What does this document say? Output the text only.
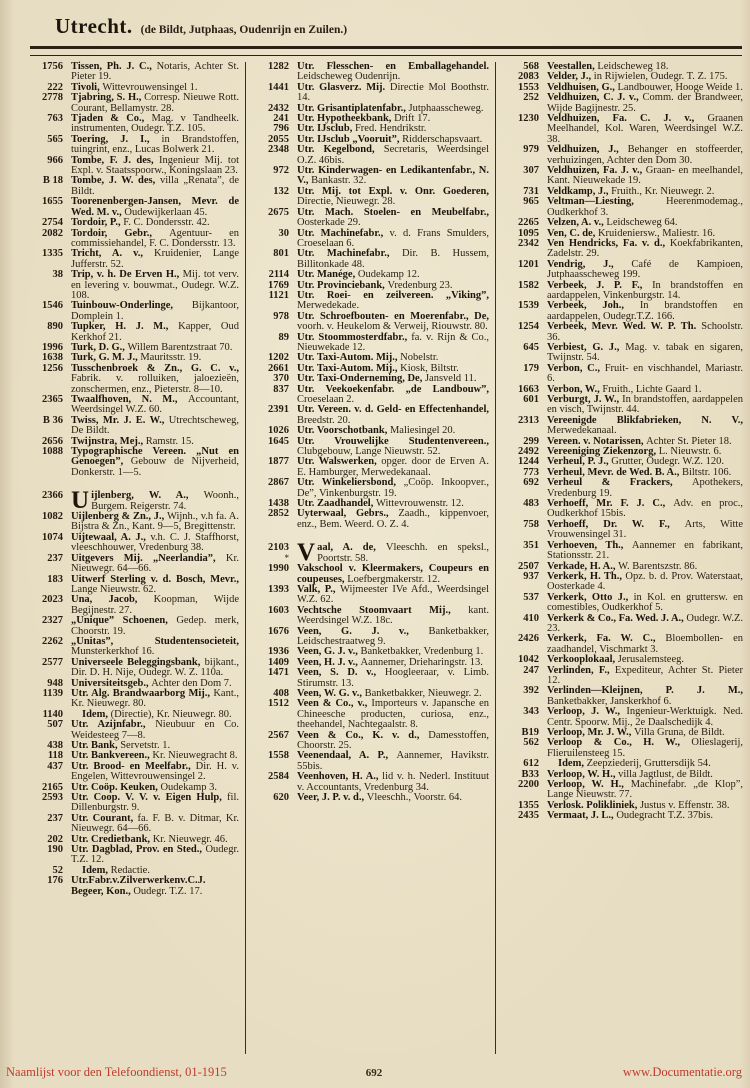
Utrecht. (de Bildt, Jutphaas, Oudenrijn en Zuilen.)
1756 Tissen, Ph. J. C., Notaris, Achter St. Pieter 19.
222 Tivoli, Wittevrouwensingel 1.
2778 Tjabring, S. H., Corresp. Nieuwe Rott. Courant, Bellamystr. 28.
763 Tjaden & Co., Mag. v Tandheelk. instrumenten, Oudegr. T.Z. 105.
565 Toering, J. I., in Brandstoffen, tuingrint, enz., Lucas Bolwerk 21.
966 Tombe, F. J. des, Ingenieur Mij. tot Expl. v. Staatsspoorw., Koningslaan 23.
B 18 Tombe, J. W. des, villa „Renata”, de Bildt.
1655 Toorenenbergen-Jansen, Mevr. de Wed. M. v., Oudewijkerlaan 45.
2754 Tordoir, P., F. C. Dondersstr. 42.
2082 Tordoir, Gebr., Agentuur- en commissiehandel, F. C. Dondersstr. 13.
1335 Tricht, A. v., Kruidenier, Lange Jufferstr. 52.
38 Trip, v. h. De Erven H., Mij. tot verv. en levering v. bouwmat., Oudegr. W.Z. 108.
1546 Tuinbouw-Onderlinge, Bijkantoor, Domplein 1.
890 Tupker, H. J. M., Kapper, Oud Kerkhof 21.
1996 Turk, D. G., Willem Barentzstraat 70.
1638 Turk, G. M. J., Mauritsstr. 19.
1256 Tusschenbroek & Zn., G. C. v., Fabrik. v. rolluiken, jaloezieën, zonschermen, enz., Pieterstr. 8—10.
2365 Twaalfhoven, N. M., Accountant, Weerdsingel W.Z. 60.
B 36 Twiss, Mr. J. E. W., Utrechtscheweg, De Bildt.
2656 Twijnstra, Mej., Ramstr. 15.
1088 Typographische Vereen. „Nut en Genoegen”, Gebouw de Nijverheid, Donkerstr. 1—5.
2366 Uijlenberg, W. A., Woonh., Burgem. Reigerstr. 74.
1082 Uijlenberg & Zn., J., Wijnh., v.h fa. A. Bijstra & Zn., Kant. 9—5, Bregittenstr.
1074 Uijtewaal, A. J., v.h. C. J. Staffhorst, vleeschhouwer, Vredenburg 38.
237 Uitgevers Mij. „Neerlandia”, Kr. Nieuwegr. 64—66.
183 Uitwerf Sterling v. d. Bosch, Mevr., Lange Nieuwstr. 62.
2023 Una, Jacob, Koopman, Wijde Begijnestr. 27.
2327 „Unique” Schoenen, Gedep. merk, Choorstr. 19.
2262 „Unitas”, Studentensocieteit, Munsterkerkhof 16.
2577 Universeele Beleggingsbank, bijkant., Dir. D. H. Nije, Oudegr. W. Z. 110a.
948 Universiteitsgeb., Achter den Dom 7.
1139 Utr. Alg. Brandwaarborg Mij., Kant., Kr. Nieuwegr. 80.
1140	Idem, (Directie), Kr. Nieuwegr. 80.
507 Utr. Azijnfabr., Nieubuur en Co. Weidesteeg 7—8.
438 Utr. Bank, Servetstr. 1.
118 Utr. Bankvereen., Kr. Nieuwegracht 8.
437 Utr. Brood- en Meelfabr., Dir. H. v. Engelen, Wittevrouwensingel 2.
2165 Utr. Coöp. Keuken, Oudekamp 3.
2593 Utr. Coop. V. V. v. Eigen Hulp, fil. Dillenburgstr. 9.
237 Utr. Courant, fa. F. B. v. Ditmar, Kr. Nieuwegr. 64—66.
202 Utr. Credietbank, Kr. Nieuwegr. 46.
190 Utr. Dagblad, Prov. en Sted., Oudegr. T.Z. 12.
52	Idem, Redactie.
176 Utr.Fabr.v.Zilverwerkenv.C.J. Begeer, Kon., Oudegr. T.Z. 17.
1282 Utr. Flesschen- en Emballagehandel. Leidscheweg Oudenrijn.
1441 Utr. Glasverz. Mij. Directie Mol Boothstr. 14.
2432 Utr. Grisantiplatenfabr., Jutphaasscheweg.
241 Utr. Hypotheekbank, Drift 17.
796 Utr. IJsclub, Fred. Hendrikstr.
2055 Utr. IJsclub „Vooruit”, Ridderschapsvaart.
2348 Utr. Kegelbond, Secretaris, Weerdsingel O.Z. 46bis.
972 Utr. Kinderwagen- en Ledikantenfabr., N. V., Bankastr. 32.
132 Utr. Mij. tot Expl. v. Onr. Goederen, Directie, Nieuwegr. 28.
2675 Utr. Mach. Stoelen- en Meubelfabr., Oosterkade 29.
30 Utr. Machinefabr., v. d. Frans Smulders, Croeselaan 6.
801 Utr. Machinefabr., Dir. B. Hussem, Billitonkade 48.
2114 Utr. Manége, Oudekamp 12.
1769 Utr. Provinciebank, Vredenburg 23.
1121 Utr. Roei- en zeilvereen. „Viking”, Merwedekade.
978 Utr. Schroefbouten- en Moerenfabr., De, voorh. v. Heukelom & Verweij, Riouwstr. 80.
89 Utr. Stoommosterdfabr., fa. v. Rijn & Co., Nieuwekade 12.
1202 Utr. Taxi-Autom. Mij., Nobelstr.
2661 Utr. Taxi-Autom. Mij., Kiosk, Biltstr.
370 Utr. Taxi-Onderneming, De, Jansveld 11.
837 Utr. Veekoekenfabr. „de Landbouw”, Croeselaan 2.
2391 Utr. Vereen. v. d. Geld- en Effectenhandel, Breedstr. 20.
1026 Utr. Voorschotbank, Maliesingel 20.
1645 Utr. Vrouwelijke Studentenvereen., Clubgebouw, Lange Nieuwstr. 52.
1877 Utr. Walswerken, opger. door de Erven A. E. Hamburger, Merwedekanaal.
2867 Utr. Winkeliersbond, „Coöp. Inkoopver., De”, Vinkenburgstr. 19.
1438 Utr. Zaadhandel, Wittevrouwenstr. 12.
2852 Uyterwaal, Gebrs., Zaadh., kippenvoer, enz., Bem. Weerd. O. Z. 4.
2103
* Vaal, A. de, Vleeschh. en speksl., Poortstr. 58.
1990 Vakschool v. Kleermakers, Coupeurs en coupeuses, Loefbergmakerstr. 12.
1393 Valk, P., Wijmeester IVe Afd., Weerdsingel W.Z. 62.
1603 Vechtsche Stoomvaart Mij., kant. Weerdsingel W.Z. 18c.
1676 Veen, G. J. v., Banketbakker, Leidschestraatweg 9.
1936 Veen, G. J. v., Banketbakker, Vredenburg 1.
1409 Veen, H. J. v., Aannemer, Drieharingstr. 13.
1471 Veen, S. D. v., Hoogleeraar, v. Limb. Stirumstr. 13.
408 Veen, W. G. v., Banketbakker, Nieuwegr. 2.
1512 Veen & Co., v., Importeurs v. Japansche en Chineesche producten, curiosa, enz., theehandel, Nachtegaalstr. 8.
2567 Veen & Co., K. v. d., Damesstoffen, Choorstr. 25.
1558 Veenendaal, A. P., Aannemer, Havikstr. 55bis.
2584 Veenhoven, H. A., lid v. h. Nederl. Instituut v. Accountants, Vredenburg 34.
620 Veer, J. P. v. d., Vleeschh., Voorstr. 64.
568 Veestallen, Leidscheweg 18.
2083 Velder, J., in Rijwielen, Oudegr. T. Z. 175.
1553 Veldhuisen, G., Landbouwer, Hooge Weide 1.
252 Veldhuizen, C. J. v., Comm. der Brandweer, Wijde Bagijnestr. 25.
1230 Veldhuizen, Fa. C. J. v., Graanen Meelhandel, Kol. Waren, Weerdsingel W.Z. 38.
979 Veldhuizen, J., Behanger en stoffeerder, verhuizingen, Achter den Dom 30.
307 Veldhuizen, Fa. J. v., Graan- en meelhandel, Kant. Nieuwekade 19.
731 Veldkamp, J., Fruith., Kr. Nieuwegr. 2.
965 Veltman—Liesting, Heerenmodemag., Oudkerkhof 3.
2265 Velzen, A. v., Leidscheweg 64.
1095 Ven, C. de, Kruideniersw., Maliestr. 16.
2342 Ven Hendricks, Fa. v. d., Koekfabrikanten, Zadelstr. 29.
1201 Vendrig, J., Café de Kampioen, Jutphaasscheweg 199.
1582 Verbeek, J. P. F., In brandstoffen en aardappelen, Vinkenburgstr. 14.
1539 Verbeek, Joh., In brandstoffen en aardappelen, Oudegr.T.Z. 166.
1254 Verbeek, Mevr. Wed. W. P. Th. Schoolstr. 36.
645 Verbiest, G. J., Mag. v. tabak en sigaren, Twijnstr. 54.
179 Verbon, C., Fruit- en vischhandel, Mariastr. 6.
1663 Verbon, W., Fruith., Lichte Gaard 1.
601 Verburgt, J. W., In brandstoffen, aardappelen en visch, Twijnstr. 44.
2313 Vereenigde Blikfabrieken, N. V., Merwedekanaal.
299 Vereen. v. Notarissen, Achter St. Pieter 18.
2492 Vereeniging Ziekenzorg, L. Nieuwstr. 6.
1244 Verheul, P. J., Grutter, Oudegr. W.Z. 120.
773 Verheul, Mevr. de Wed. B. A., Biltstr. 106.
692 Verheul & Frackers, Apothekers, Vredenburg 19.
483 Verhoeff, Mr. F. J. C., Adv. en proc., Oudkerkhof 15bis.
758 Verhoeff, Dr. W. F., Arts, Witte Vrouwensingel 31.
351 Verhoeven, Th., Aannemer en fabrikant, Stationsstr. 21.
2507 Verkade, H. A., W. Barentszstr. 86.
937 Verkerk, H. Th., Opz. b. d. Prov. Waterstaat, Oosterkade 4.
537 Verkerk, Otto J., in Kol. en gruttersw. en comestibles, Oudkerkhof 5.
410 Verkerk & Co., Fa. Wed. J. A., Oudegr. W.Z. 23.
2426 Verkerk, Fa. W. C., Bloembollen- en zaadhandel, Vischmarkt 3.
1042 Verkooplokaal, Jerusalemsteeg.
247 Verlinden, F., Expediteur, Achter St. Pieter 12.
392 Verlinden—Kleijnen, P. J. M., Banketbakker, Janskerkhof 6.
343 Verloop, J. W., Ingenieur-Werktuigk. Ned. Centr. Spoorw. Mij., 2e Daalschedijk 4.
B19 Verloop, Mr. J. W., Villa Gruna, de Bildt.
562 Verloop & Co., H. W., Olieslagerij, Flieruilensteeg 15.
612	Idem, Zeepziederij, Gruttersdijk 54.
B33 Verloop, W. H., villa Jagtlust, de Bildt.
2200 Verloop, W. H., Machinefabr. „de Klop”, Lange Nieuwstr. 77.
1355 Verlosk. Polikliniek, Justus v. Effenstr. 38.
2435 Vermaat, J. L., Oudegracht T.Z. 37bis.
Naamlijst voor den Telefoondienst, 01-1915	692	www.Documentatie.org
